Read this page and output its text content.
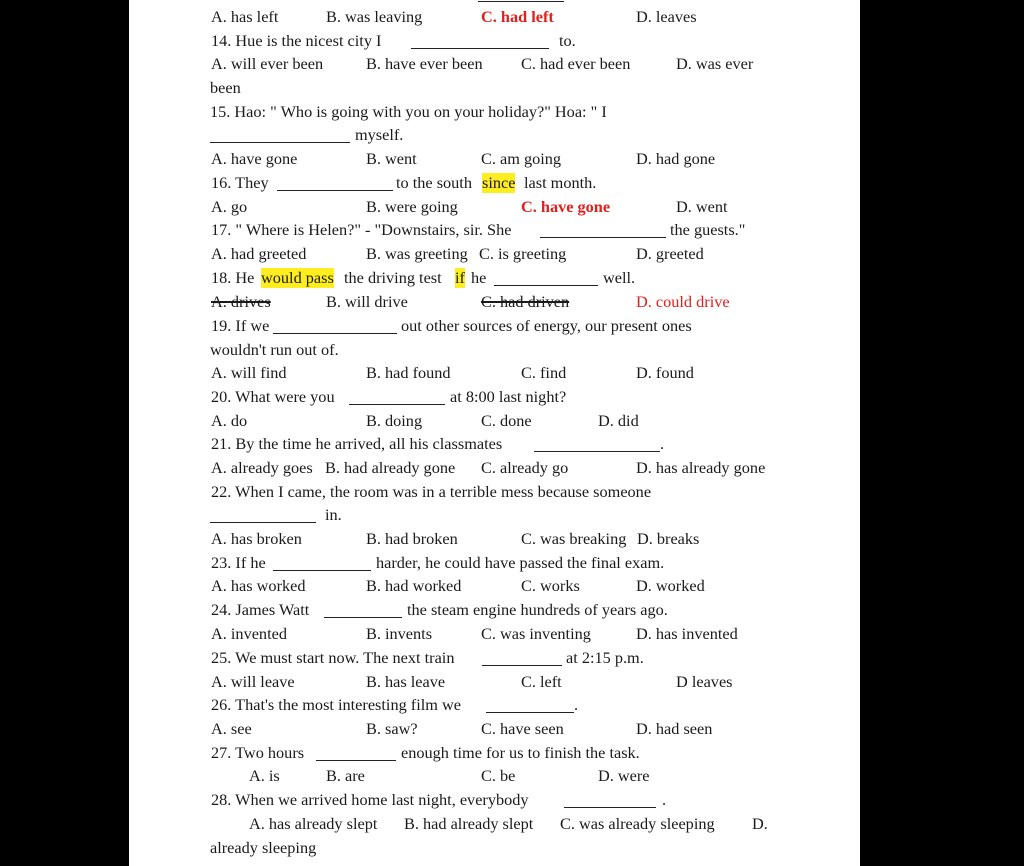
A. has left	B. was leaving	C. had left	D. leaves
14. Hue is the nicest city I	to.
A. will ever been	B. have ever been C. had ever been	D. was ever
been
15. Hao: " Who is going with you on your holiday?" Hoa: " I
myself.
A. have gone	B. went	C. am going	D. had gone
16. They	to the south since last month.
A. go	B. were going	C. have gone	D. went
17. " Where is Helen?" - "Downstairs, sir. She	the guests."
A. had greeted	B. was greeting C. is greeting	D. greeted
18. He would pass the driving test if he	well.
A. drives	B. will drive	C. had driven	D. could drive
19. If we	out other sources of energy, our present ones
wouldn't run out of.
A. will find	B. had found	C. find	D. found
20. What were you	at 8:00 last night?
A. do	B. doing	C. done	D. did
21. By the time he arrived, all his classmates	.
A. already goes B. had already gone C. already go	D. has already gone
22. When I came, the room was in a terrible mess because someone
in.
A. has broken	B. had broken	C. was breaking D. breaks
23. If he	harder, he could have passed the final exam.
A. has worked	B. had worked	C. works	D. worked
24. James Watt	the steam engine hundreds of years ago.
A. invented	B. invents	C. was inventing	D. has invented
25. We must start now. The next train	at 2:15 p.m.
A. will leave	B. has leave	C. left	D leaves
26. That's the most interesting film we	.
A. see	B. saw?	C. have seen	D. had seen
27. Two hours	enough time for us to finish the task.
A. is	B. are	C. be	D. were
28. When we arrived home last night, everybody	.
A. has already slept B. had already slept C. was already sleeping D.
already sleeping
